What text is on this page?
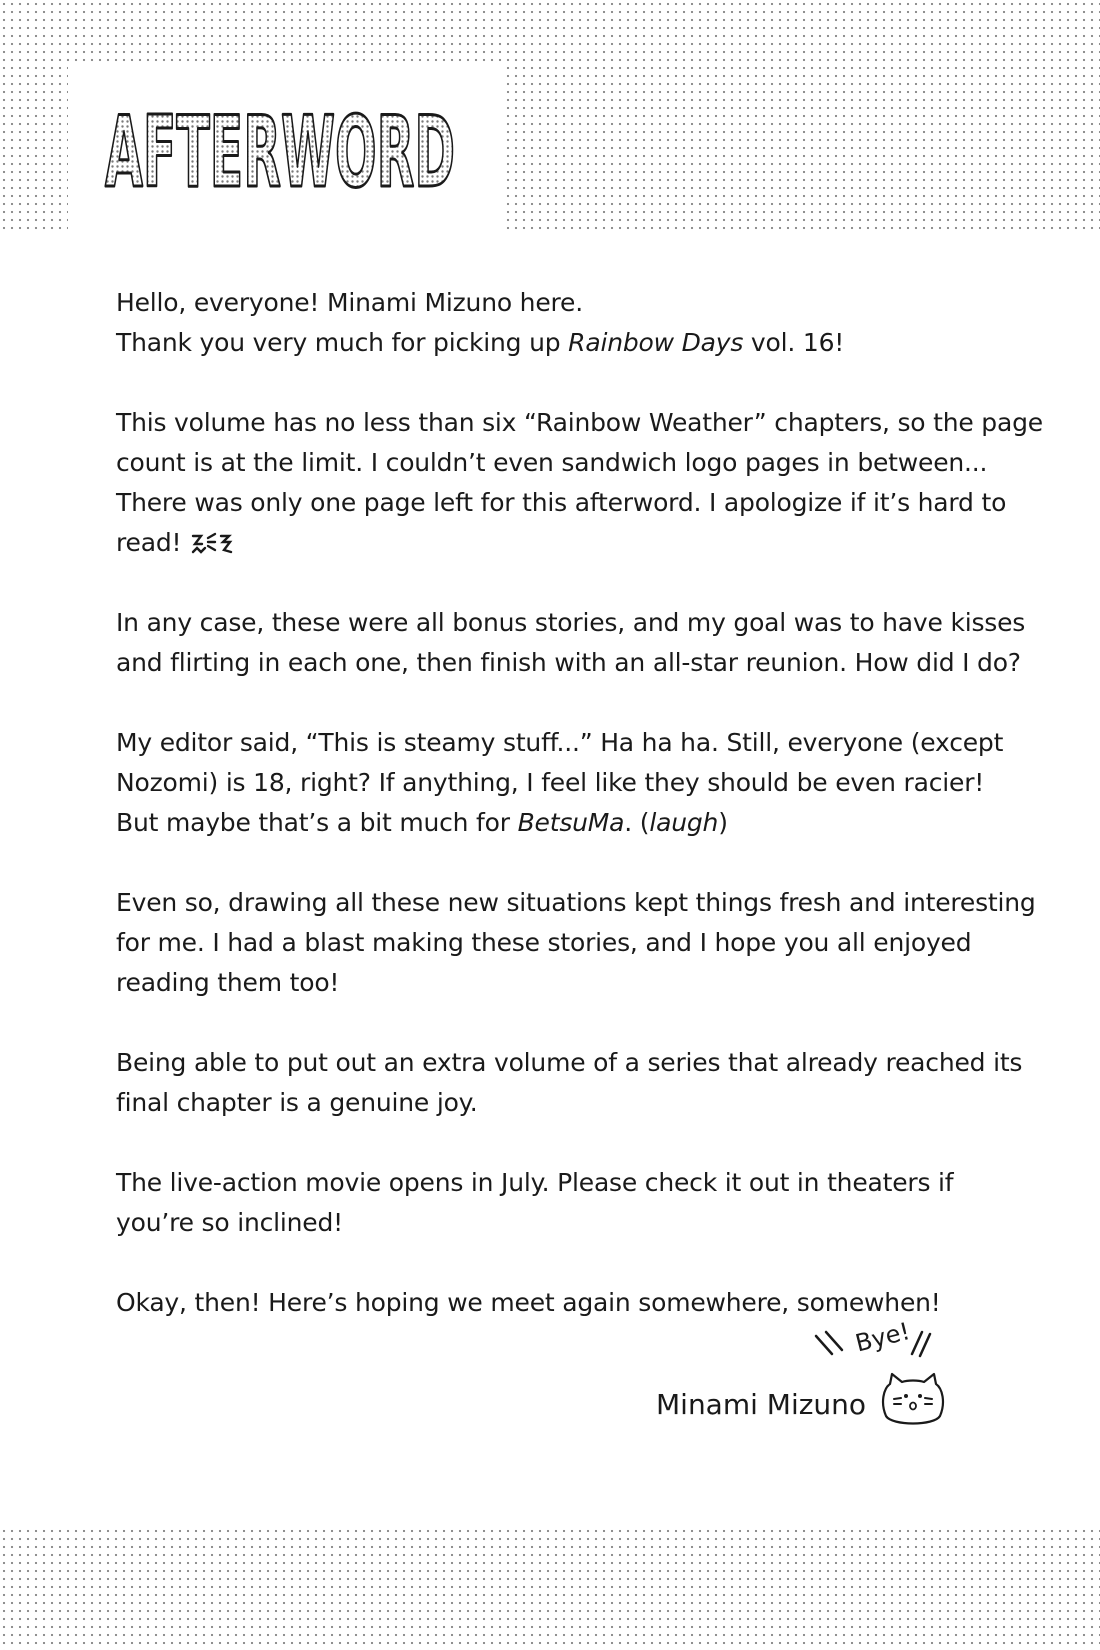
AFTERWORD

Hello, everyone! Minami Mizuno here.
Thank you very much for picking up Rainbow Days vol. 16!

This volume has no less than six “Rainbow Weather” chapters, so the page
count is at the limit. I couldn’t even sandwich logo pages in between...
There was only one page left for this afterword. I apologize if it’s hard to
read!

In any case, these were all bonus stories, and my goal was to have kisses
and flirting in each one, then finish with an all-star reunion. How did I do?

My editor said, “This is steamy stuff...” Ha ha ha. Still, everyone (except
Nozomi) is 18, right? If anything, I feel like they should be even racier!
But maybe that’s a bit much for BetsuMa. (laugh)

Even so, drawing all these new situations kept things fresh and interesting
for me. I had a blast making these stories, and I hope you all enjoyed
reading them too!

Being able to put out an extra volume of a series that already reached its
final chapter is a genuine joy.

The live-action movie opens in July. Please check it out in theaters if
you’re so inclined!

Okay, then! Here’s hoping we meet again somewhere, somewhen!

Bye!
Minami Mizuno
